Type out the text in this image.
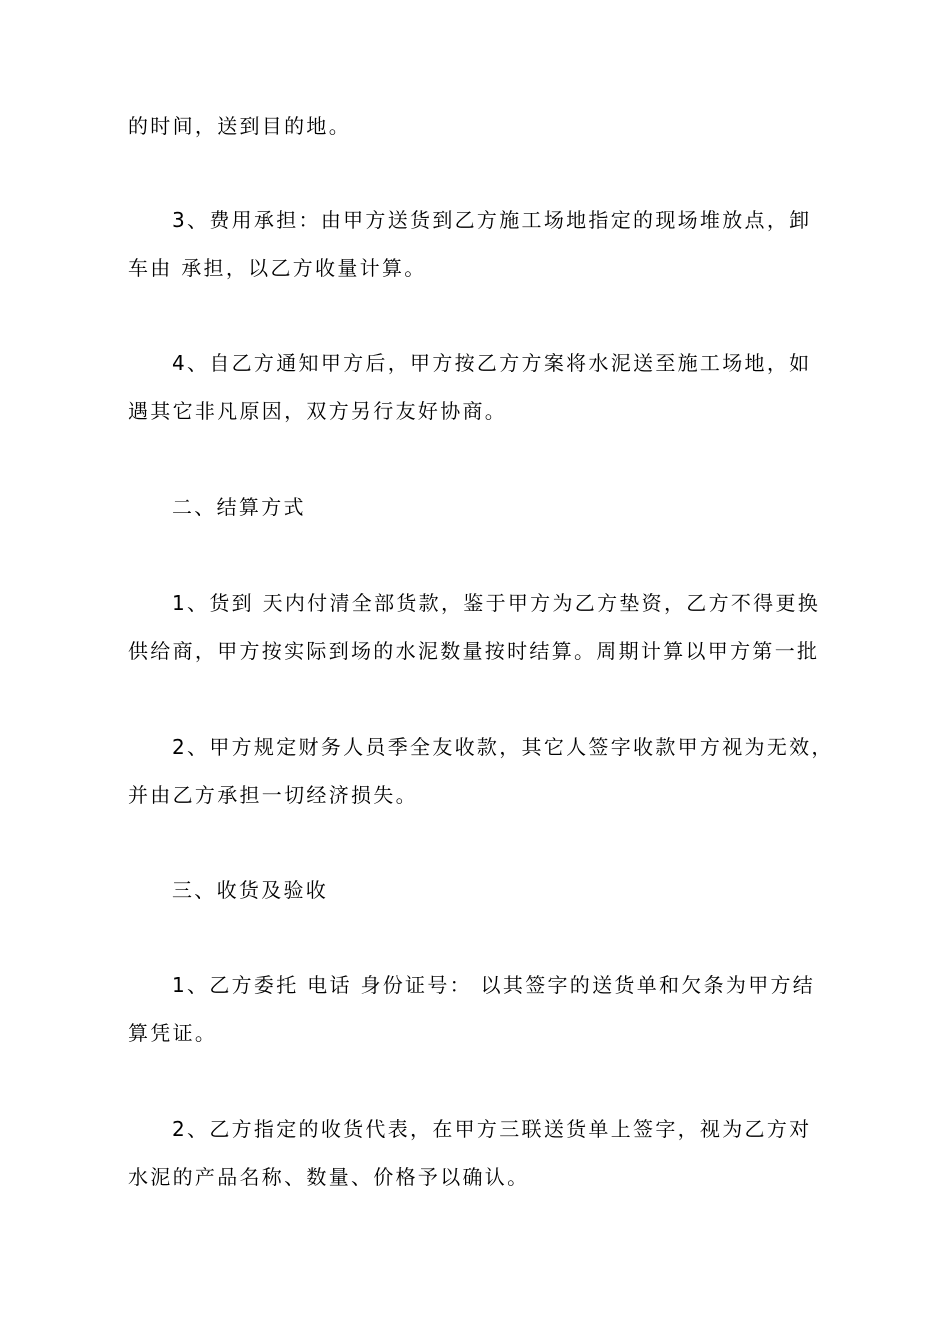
的时间，送到目的地。
3、费用承担：由甲方送货到乙方施工场地指定的现场堆放点，卸
车由 承担，以乙方收量计算。
4、自乙方通知甲方后，甲方按乙方方案将水泥送至施工场地，如
遇其它非凡原因，双方另行友好协商。
二、结算方式
1、货到 天内付清全部货款，鉴于甲方为乙方垫资，乙方不得更换
供给商，甲方按实际到场的水泥数量按时结算。周期计算以甲方第一批
2、甲方规定财务人员季全友收款，其它人签字收款甲方视为无效，
并由乙方承担一切经济损失。
三、收货及验收
1、乙方委托 电话 身份证号： 以其签字的送货单和欠条为甲方结
算凭证。
2、乙方指定的收货代表，在甲方三联送货单上签字，视为乙方对
水泥的产品名称、数量、价格予以确认。
